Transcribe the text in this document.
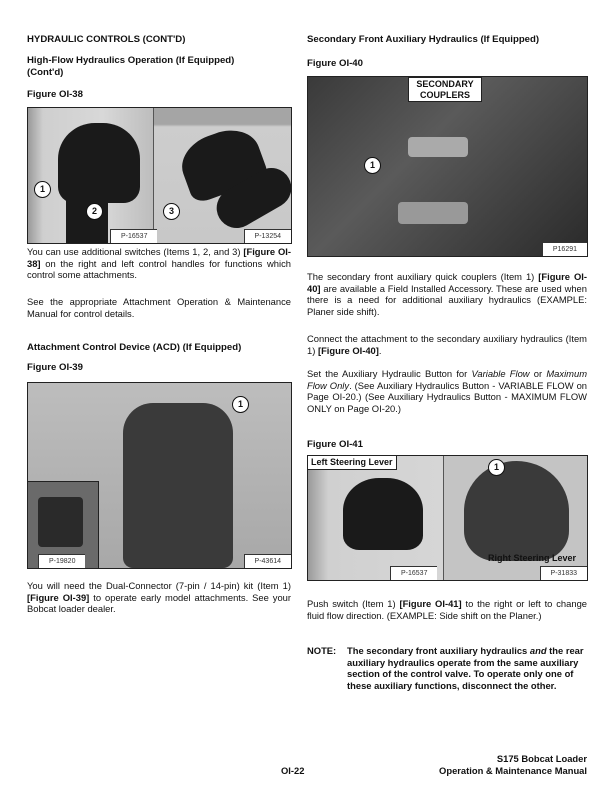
HYDRAULIC CONTROLS (CONT'D)
High-Flow Hydraulics Operation (If Equipped) (Cont'd)
Figure OI-38
P-16537	P-13254
1
2	3

You can use additional switches (Items 1, 2, and 3) [Figure OI-38] on the right and left control handles for functions which control some attachments.

See the appropriate Attachment Operation & Maintenance Manual for control details.

Attachment Control Device (ACD) (If Equipped)
Figure OI-39
P-19820	P-43614
1

You will need the Dual-Connector (7-pin / 14-pin) kit (Item 1) [Figure OI-39] to operate early model attachments. See your Bobcat loader dealer.

Secondary Front Auxiliary Hydraulics (If Equipped)
Figure OI-40
SECONDARY COUPLERS
P16291
1

The secondary front auxiliary quick couplers (Item 1) [Figure OI-40] are available a Field Installed Accessory. These are used when there is a need for additional auxiliary hydraulics (EXAMPLE: Planer side shift).

Connect the attachment to the secondary auxiliary hydraulics (Item 1) [Figure OI-40].

Set the Auxiliary Hydraulic Button for Variable Flow or Maximum Flow Only. (See Auxiliary Hydraulics Button - VARIABLE FLOW on Page OI-20.) (See Auxiliary Hydraulics Button - MAXIMUM FLOW ONLY on Page OI-20.)

Figure OI-41
Left Steering Lever
Right Steering Lever
P-16537	P-31833
1

Push switch (Item 1) [Figure OI-41] to the right or left to change fluid flow direction. (EXAMPLE: Side shift on the Planer.)

NOTE: The secondary front auxiliary hydraulics and the rear auxiliary hydraulics operate from the same auxiliary section of the control valve. To operate only one of these auxiliary functions, disconnect the other.
OI-22
S175 Bobcat Loader
Operation & Maintenance Manual
